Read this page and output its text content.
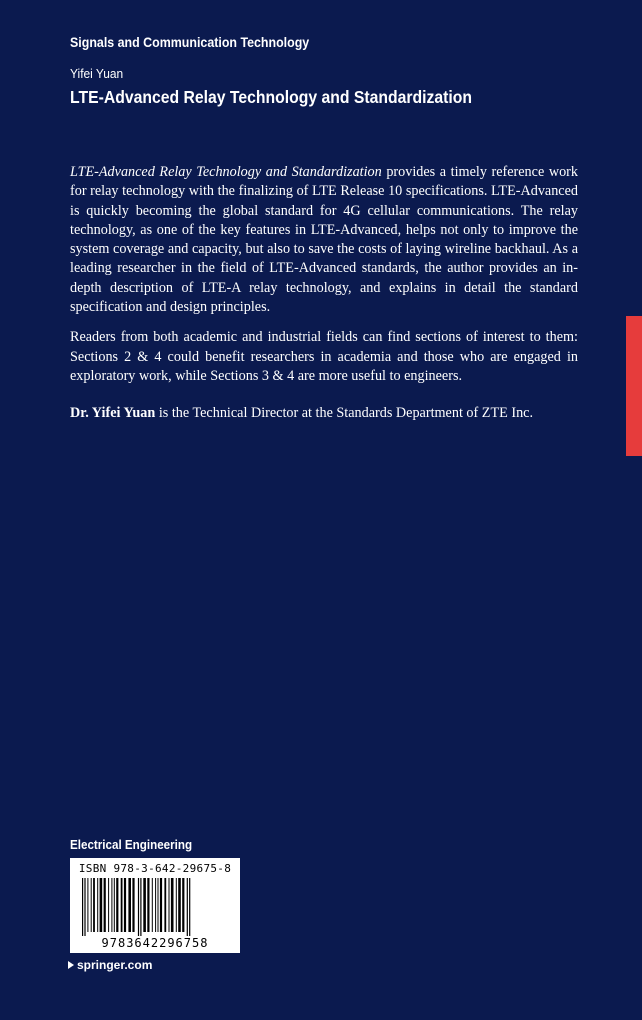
Signals and Communication Technology
Yifei Yuan
LTE-Advanced Relay Technology and Standardization

LTE-Advanced Relay Technology and Standardization provides a timely reference work for relay technology with the finalizing of LTE Release 10 specifications. LTE-Advanced is quickly becoming the global standard for 4G cellular communications. The relay technology, as one of the key features in LTE-Advanced, helps not only to improve the system coverage and capacity, but also to save the costs of laying wireline backhaul. As a leading researcher in the field of LTE-Advanced standards, the author provides an in-depth description of LTE-A relay technology, and explains in detail the standard specification and design principles.

Readers from both academic and industrial fields can find sections of interest to them: Sections 2 & 4 could benefit researchers in academia and those who are engaged in exploratory work, while Sections 3 & 4 are more useful to engineers.

Dr. Yifei Yuan is the Technical Director at the Standards Department of ZTE Inc.

Electrical Engineering
ISBN 978-3-642-29675-8
9783642296758
springer.com
